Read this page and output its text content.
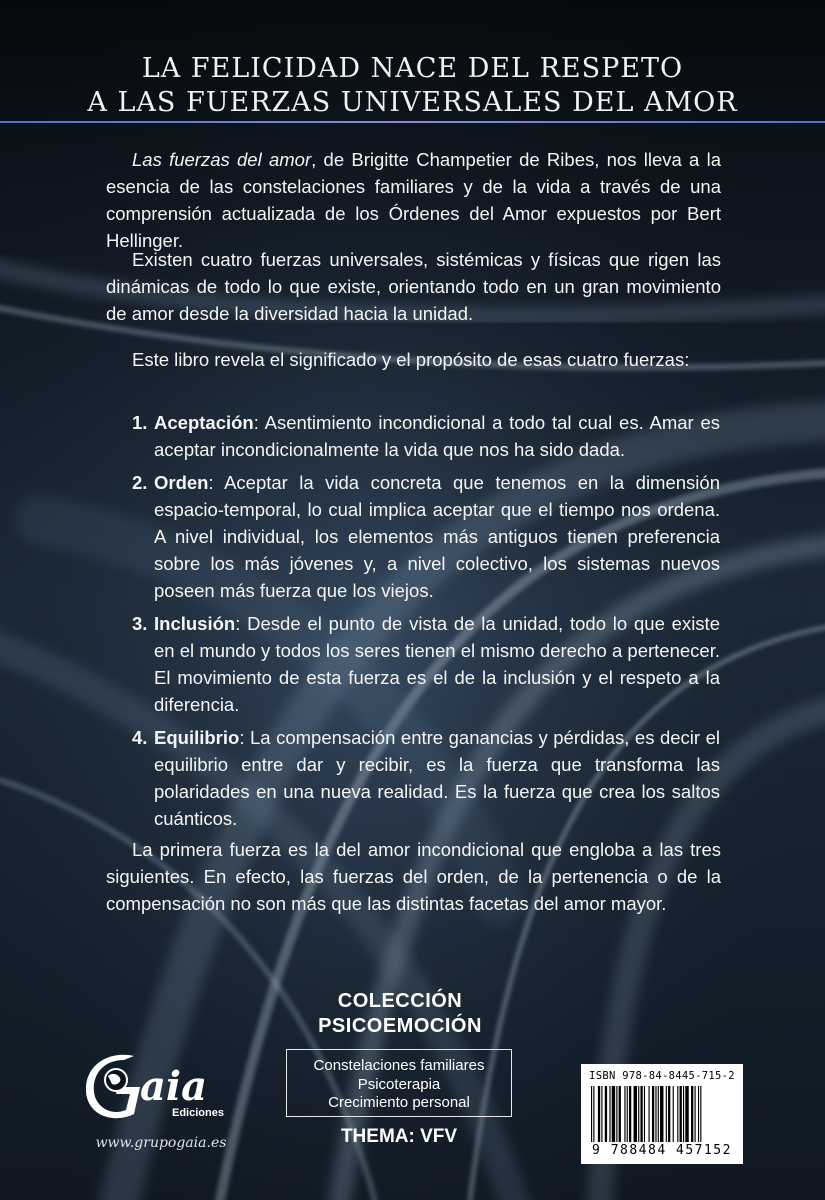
LA FELICIDAD NACE DEL RESPETO
A LAS FUERZAS UNIVERSALES DEL AMOR

Las fuerzas del amor, de Brigitte Champetier de Ribes, nos lleva a la esencia de las constelaciones familiares y de la vida a través de una comprensión actualizada de los Órdenes del Amor expuestos por Bert Hellinger.

Existen cuatro fuerzas universales, sistémicas y físicas que rigen las dinámicas de todo lo que existe, orientando todo en un gran movimiento de amor desde la diversidad hacia la unidad.

Este libro revela el significado y el propósito de esas cuatro fuerzas:

1. Aceptación: Asentimiento incondicional a todo tal cual es. Amar es aceptar incondicionalmente la vida que nos ha sido dada.
2. Orden: Aceptar la vida concreta que tenemos en la dimensión espacio-temporal, lo cual implica aceptar que el tiempo nos ordena. A nivel individual, los elementos más antiguos tienen preferencia sobre los más jóvenes y, a nivel colectivo, los sistemas nuevos poseen más fuerza que los viejos.
3. Inclusión: Desde el punto de vista de la unidad, todo lo que existe en el mundo y todos los seres tienen el mismo derecho a pertenecer. El movimiento de esta fuerza es el de la inclusión y el respeto a la diferencia.
4. Equilibrio: La compensación entre ganancias y pérdidas, es decir el equilibrio entre dar y recibir, es la fuerza que transforma las polaridades en una nueva realidad. Es la fuerza que crea los saltos cuánticos.

La primera fuerza es la del amor incondicional que engloba a las tres siguientes. En efecto, las fuerzas del orden, de la pertenencia o de la compensación no son más que las distintas facetas del amor mayor.

COLECCIÓN
PSICOEMOCIÓN
Constelaciones familiares
Psicoterapia
Crecimiento personal
THEMA: VFV
aia
Ediciones
www.grupogaia.es
ISBN 978-84-8445-715-2
9 788484 457152
